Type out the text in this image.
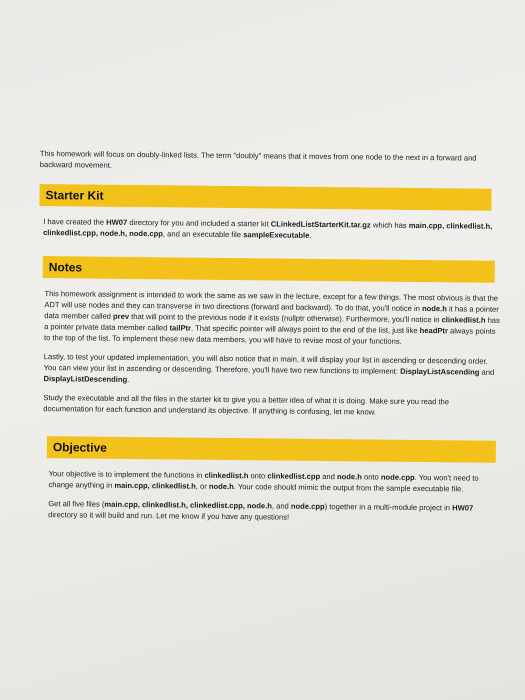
This homework will focus on doubly-linked lists. The term "doubly" means that it moves from one node to the next in a forward and backward movement.

Starter Kit

I have created the HW07 directory for you and included a starter kit CLinkedListStarterKit.tar.gz which has main.cpp, clinkedlist.h, clinkedlist.cpp, node.h, node.cpp, and an executable file sampleExecutable.

Notes

This homework assignment is intended to work the same as we saw in the lecture, except for a few things. The most obvious is that the ADT will use nodes and they can transverse in two directions (forward and backward). To do that, you'll notice in node.h it has a pointer data member called prev that will point to the previous node if it exists (nullptr otherwise). Furthermore, you'll notice in clinkedlist.h has a pointer private data member called tailPtr. That specific pointer will always point to the end of the list, just like headPtr always points to the top of the list. To implement these new data members, you will have to revise most of your functions.

Lastly, to test your updated implementation, you will also notice that in main, it will display your list in ascending or descending order. You can view your list in ascending or descending. Therefore, you'll have two new functions to implement: DisplayListAscending and DisplayListDescending.

Study the executable and all the files in the starter kit to give you a better idea of what it is doing. Make sure you read the documentation for each function and understand its objective. If anything is confusing, let me know.

Objective

Your objective is to implement the functions in clinkedlist.h onto clinkedlist.cpp and node.h onto node.cpp. You won't need to change anything in main.cpp, clinkedlist.h, or node.h. Your code should mimic the output from the sample executable file.

Get all five files (main.cpp, clinkedlist.h, clinkedlist.cpp, node.h, and node.cpp) together in a multi-module project in HW07 directory so it will build and run. Let me know if you have any questions!
